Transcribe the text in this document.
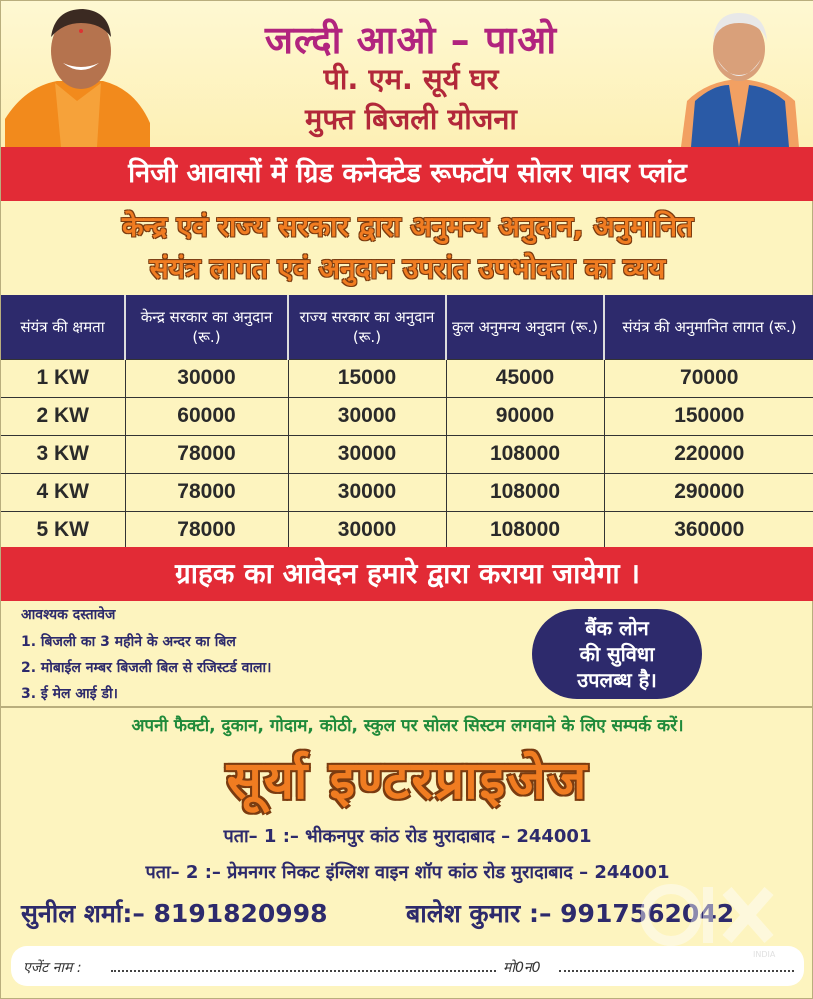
जल्दी आओ – पाओ
पी. एम. सूर्य घर
मुफ्त बिजली योजना
निजी आवासों में ग्रिड कनेक्टेड रूफटॉप सोलर पावर प्लांट
केन्द्र एवं राज्य सरकार द्वारा अनुमन्य अनुदान, अनुमानित
संयंत्र लागत एवं अनुदान उपरांत उपभोक्ता का व्यय
संयंत्र की क्षमता	केन्द्र सरकार का अनुदान (रू.)	राज्य सरकार का अनुदान (रू.)	कुल अनुमन्य अनुदान (रू.)	संयंत्र की अनुमानित लागत (रू.)
1 KW	30000	15000	45000	70000
2 KW	60000	30000	90000	150000
3 KW	78000	30000	108000	220000
4 KW	78000	30000	108000	290000
5 KW	78000	30000	108000	360000
ग्राहक का आवेदन हमारे द्वारा कराया जायेगा ।
आवश्यक दस्तावेज
1. बिजली का 3 महीने के अन्दर का बिल
2. मोबाईल नम्बर बिजली बिल से रजिस्टर्ड वाला।
3. ई मेल आई डी।
बैंक लोन
की सुविधा
उपलब्ध है।
अपनी फैक्टी, दुकान, गोदाम, कोठी, स्कुल पर सोलर सिस्टम लगवाने के लिए सम्पर्क करें।
सूर्या इण्टरप्राइजेज
पता– 1 :– भीकनपुर कांठ रोड मुरादाबाद – 244001
पता– 2 :– प्रेमनगर निकट इंग्लिश वाइन शॉप कांठ रोड मुरादाबाद – 244001
सुनील शर्मा:– 8191820998	बालेश कुमार :– 9917562042
एजेंट नाम :	मो0न0
INDIA
